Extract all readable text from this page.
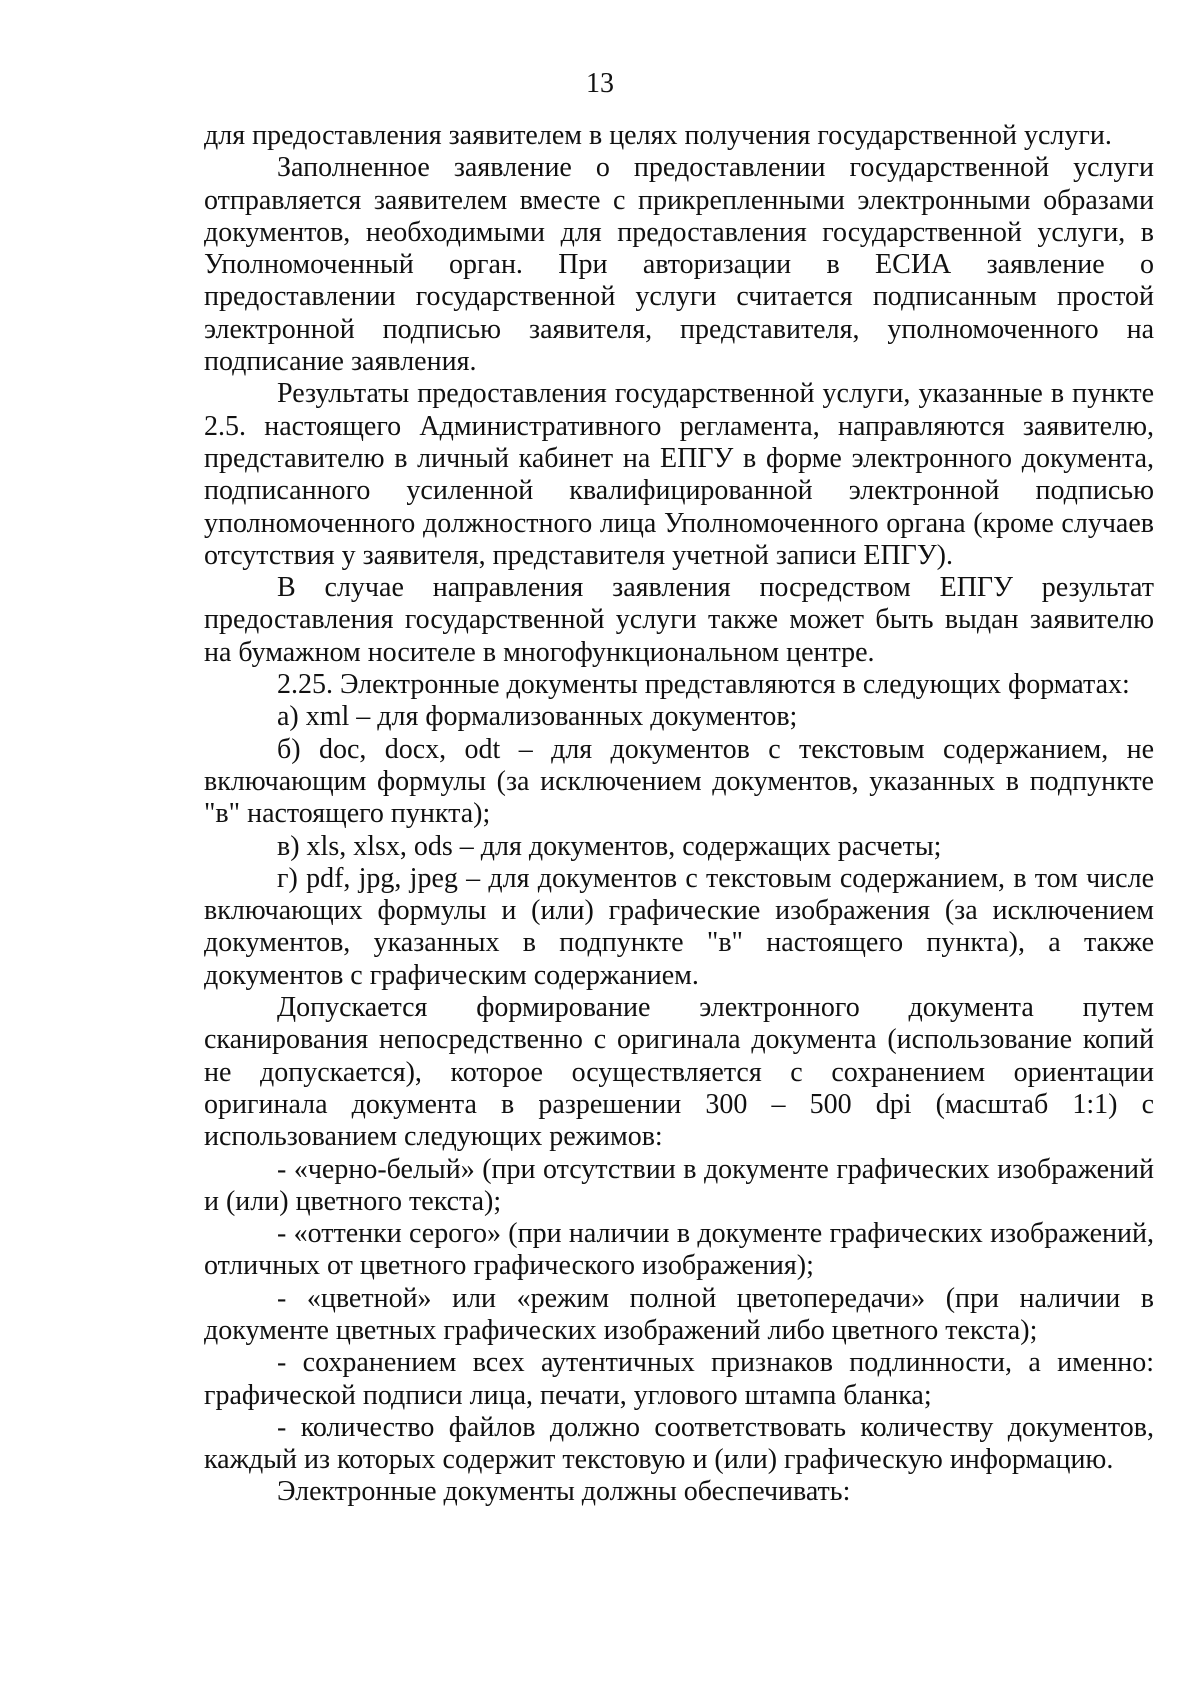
13

для предоставления заявителем в целях получения государственной услуги.

Заполненное заявление о предоставлении государственной услуги отправляется заявителем вместе с прикрепленными электронными образами документов, необходимыми для предоставления государственной услуги, в Уполномоченный орган. При авторизации в ЕСИА заявление о предоставлении государственной услуги считается подписанным простой электронной подписью заявителя, представителя, уполномоченного на подписание заявления.

Результаты предоставления государственной услуги, указанные в пункте 2.5. настоящего Административного регламента, направляются заявителю, представителю в личный кабинет на ЕПГУ в форме электронного документа, подписанного усиленной квалифицированной электронной подписью уполномоченного должностного лица Уполномоченного органа (кроме случаев отсутствия у заявителя, представителя учетной записи ЕПГУ).

В случае направления заявления посредством ЕПГУ результат предоставления государственной услуги также может быть выдан заявителю на бумажном носителе в многофункциональном центре.

2.25. Электронные документы представляются в следующих форматах:

а) xml – для формализованных документов;

б) doc, docx, odt – для документов с текстовым содержанием, не включающим формулы (за исключением документов, указанных в подпункте "в" настоящего пункта);

в) xls, xlsx, ods – для документов, содержащих расчеты;

г) pdf, jpg, jpeg – для документов с текстовым содержанием, в том числе включающих формулы и (или) графические изображения (за исключением документов, указанных в подпункте "в" настоящего пункта), а также документов с графическим содержанием.

Допускается формирование электронного документа путем сканирования непосредственно с оригинала документа (использование копий не допускается), которое осуществляется с сохранением ориентации оригинала документа в разрешении 300 – 500 dpi (масштаб 1:1) с использованием следующих режимов:

- «черно-белый» (при отсутствии в документе графических изображений и (или) цветного текста);

- «оттенки серого» (при наличии в документе графических изображений, отличных от цветного графического изображения);

- «цветной» или «режим полной цветопередачи» (при наличии в документе цветных графических изображений либо цветного текста);

- сохранением всех аутентичных признаков подлинности, а именно: графической подписи лица, печати, углового штампа бланка;

- количество файлов должно соответствовать количеству документов, каждый из которых содержит текстовую и (или) графическую информацию.

Электронные документы должны обеспечивать:
